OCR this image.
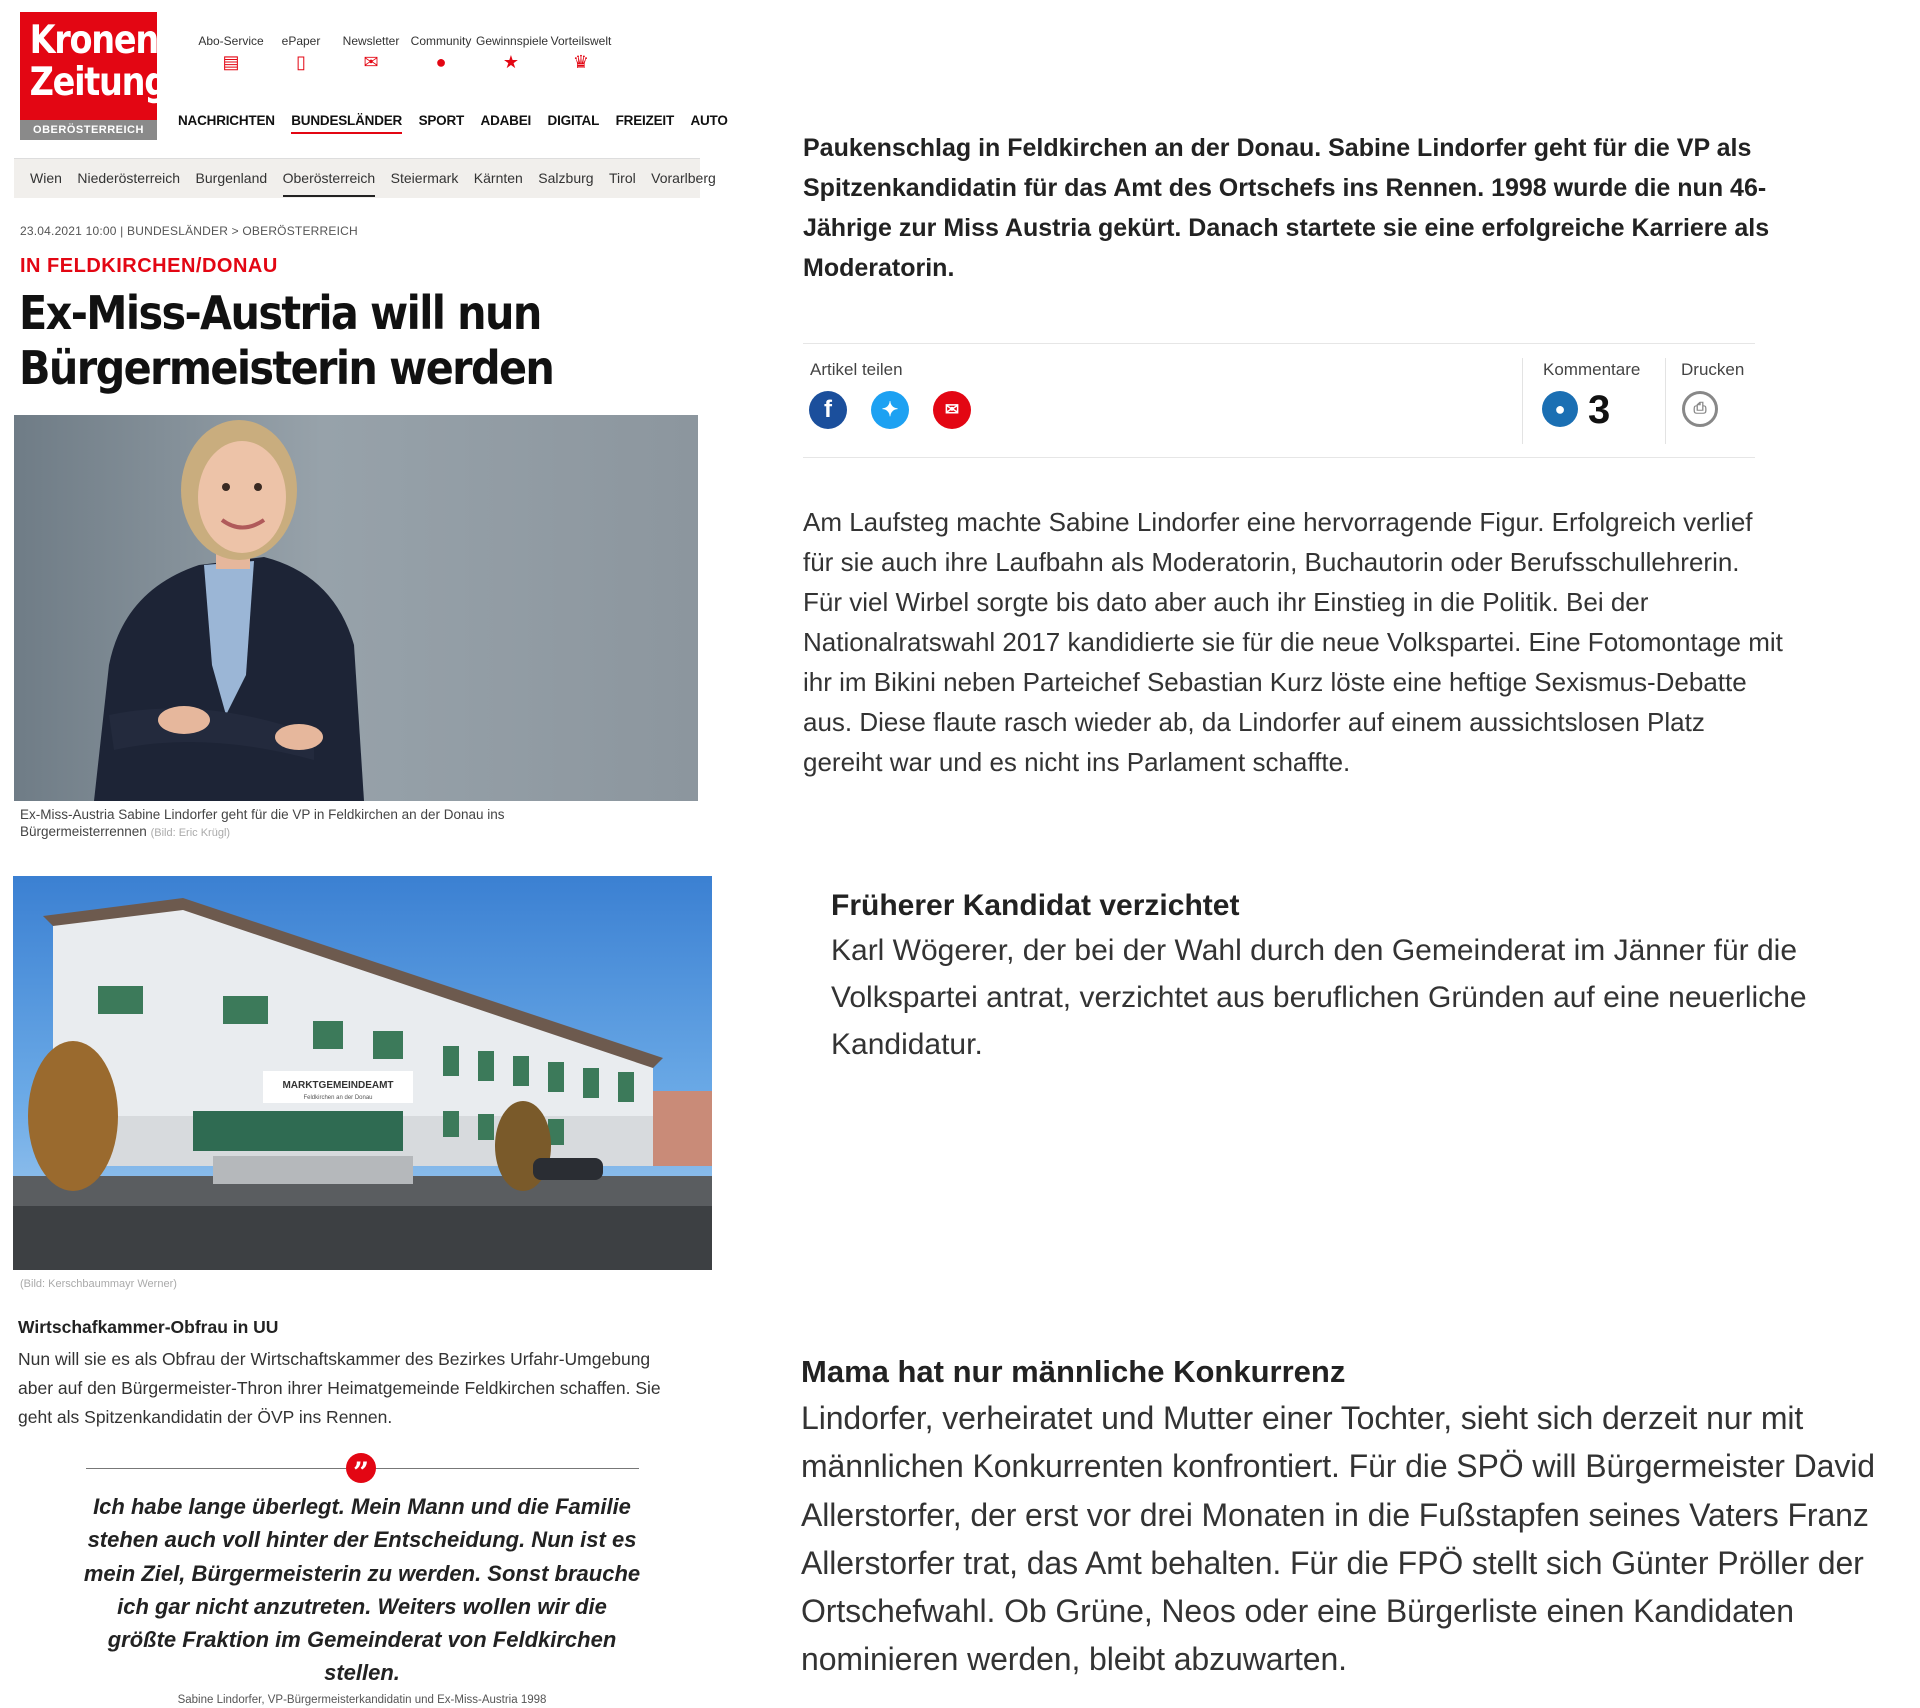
Kronen
Zeitung
OBERÖSTERREICH
Abo-Service
▤
ePaper
▯
Newsletter
✉
Community
●
Gewinnspiele
★
Vorteilswelt
♛
NACHRICHTEN BUNDESLÄNDER SPORT ADABEI DIGITAL FREIZEIT AUTO
Wien Niederösterreich Burgenland Oberösterreich Steiermark Kärnten Salzburg Tirol Vorarlberg
23.04.2021 10:00 | BUNDESLÄNDER > OBERÖSTERREICH
IN FELDKIRCHEN/DONAU
Ex-Miss-Austria will nun
Bürgermeisterin werden
Ex-Miss-Austria Sabine Lindorfer geht für die VP in Feldkirchen an der Donau ins Bürgermeisterrennen (Bild: Eric Krügl)
MARKTGEMEINDEAMT
Feldkirchen an der Donau
(Bild: Kerschbaummayr Werner)
Wirtschafkammer-Obfrau in UU

Nun will sie es als Obfrau der Wirtschaftskammer des Bezirkes Urfahr-Umgebung aber auf den Bürgermeister-Thron ihrer Heimatgemeinde Feldkirchen schaffen. Sie geht als Spitzenkandidatin der ÖVP ins Rennen.

”
Ich habe lange überlegt. Mein Mann und die Familie stehen auch voll hinter der Entscheidung. Nun ist es mein Ziel, Bürgermeisterin zu werden. Sonst brauche ich gar nicht anzutreten. Weiters wollen wir die größte Fraktion im Gemeinderat von Feldkirchen stellen.
Sabine Lindorfer, VP-Bürgermeisterkandidatin und Ex-Miss-Austria 1998

Paukenschlag in Feldkirchen an der Donau. Sabine Lindorfer geht für die VP als Spitzenkandidatin für das Amt des Ortschefs ins Rennen. 1998 wurde die nun 46-Jährige zur Miss Austria gekürt. Danach startete sie eine erfolgreiche Karriere als Moderatorin.

Artikel teilen
f	✦	✉
Kommentare
● 3
Drucken
⎙

Am Laufsteg machte Sabine Lindorfer eine hervorragende Figur. Erfolgreich verlief für sie auch ihre Laufbahn als Moderatorin, Buchautorin oder Berufsschullehrerin. Für viel Wirbel sorgte bis dato aber auch ihr Einstieg in die Politik. Bei der Nationalratswahl 2017 kandidierte sie für die neue Volkspartei. Eine Fotomontage mit ihr im Bikini neben Parteichef Sebastian Kurz löste eine heftige Sexismus-Debatte aus. Diese flaute rasch wieder ab, da Lindorfer auf einem aussichtslosen Platz gereiht war und es nicht ins Parlament schaffte.

Früherer Kandidat verzichtet

Karl Wögerer, der bei der Wahl durch den Gemeinderat im Jänner für die Volkspartei antrat, verzichtet aus beruflichen Gründen auf eine neuerliche Kandidatur.

Mama hat nur männliche Konkurrenz

Lindorfer, verheiratet und Mutter einer Tochter, sieht sich derzeit nur mit männlichen Konkurrenten konfrontiert. Für die SPÖ will Bürgermeister David Allerstorfer, der erst vor drei Monaten in die Fußstapfen seines Vaters Franz Allerstorfer trat, das Amt behalten. Für die FPÖ stellt sich Günter Pröller der Ortschefwahl. Ob Grüne, Neos oder eine Bürgerliste einen Kandidaten nominieren werden, bleibt abzuwarten.
